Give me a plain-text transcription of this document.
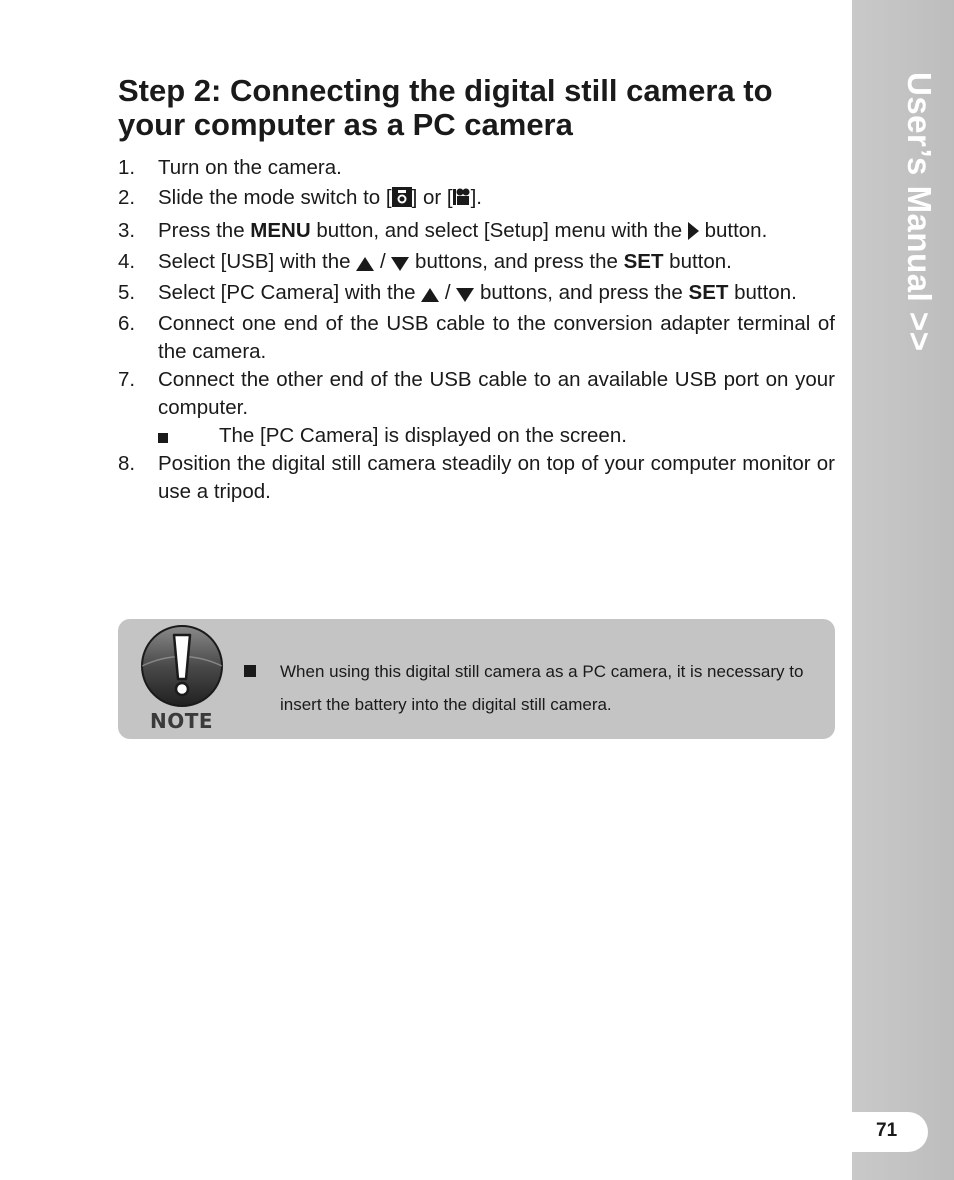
User’s Manual >>
71
Step 2: Connecting the digital still camera to your computer as a PC camera
1. Turn on the camera.
2. Slide the mode switch to [ ] or [ ].
3. Press the MENU button, and select [Setup] menu with the  button.
4. Select [USB] with the  /  buttons, and press the SET button.
5. Select [PC Camera] with the  /  buttons, and press the SET button.
6. Connect one end of the USB cable to the conversion adapter terminal of the camera.
7. Connect the other end of the USB cable to an available USB port on your computer.
The [PC Camera] is displayed on the screen.
8. Position the digital still camera steadily on top of your computer monitor or use a tripod.
NOTE
When using this digital still camera as a PC camera, it is necessary to insert the battery into the digital still camera.
